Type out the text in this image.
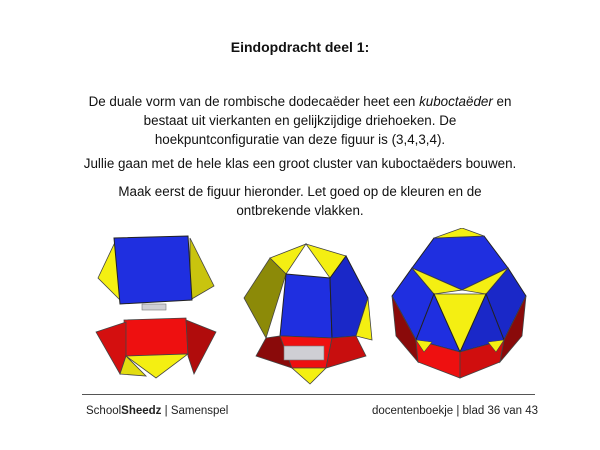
Eindopdracht deel 1:
De duale vorm van de rombische dodecaëder heet een kuboctaëder en bestaat uit vierkanten en gelijkzijdige driehoeken. De hoekpuntconfiguratie van deze figuur is (3,4,3,4).
Jullie gaan met de hele klas een groot cluster van kuboctaëders bouwen.
Maak eerst de figuur hieronder. Let goed op de kleuren en de ontbrekende vlakken.
SchoolSheedz | Samenspel	docentenboekje | blad 36 van 43
